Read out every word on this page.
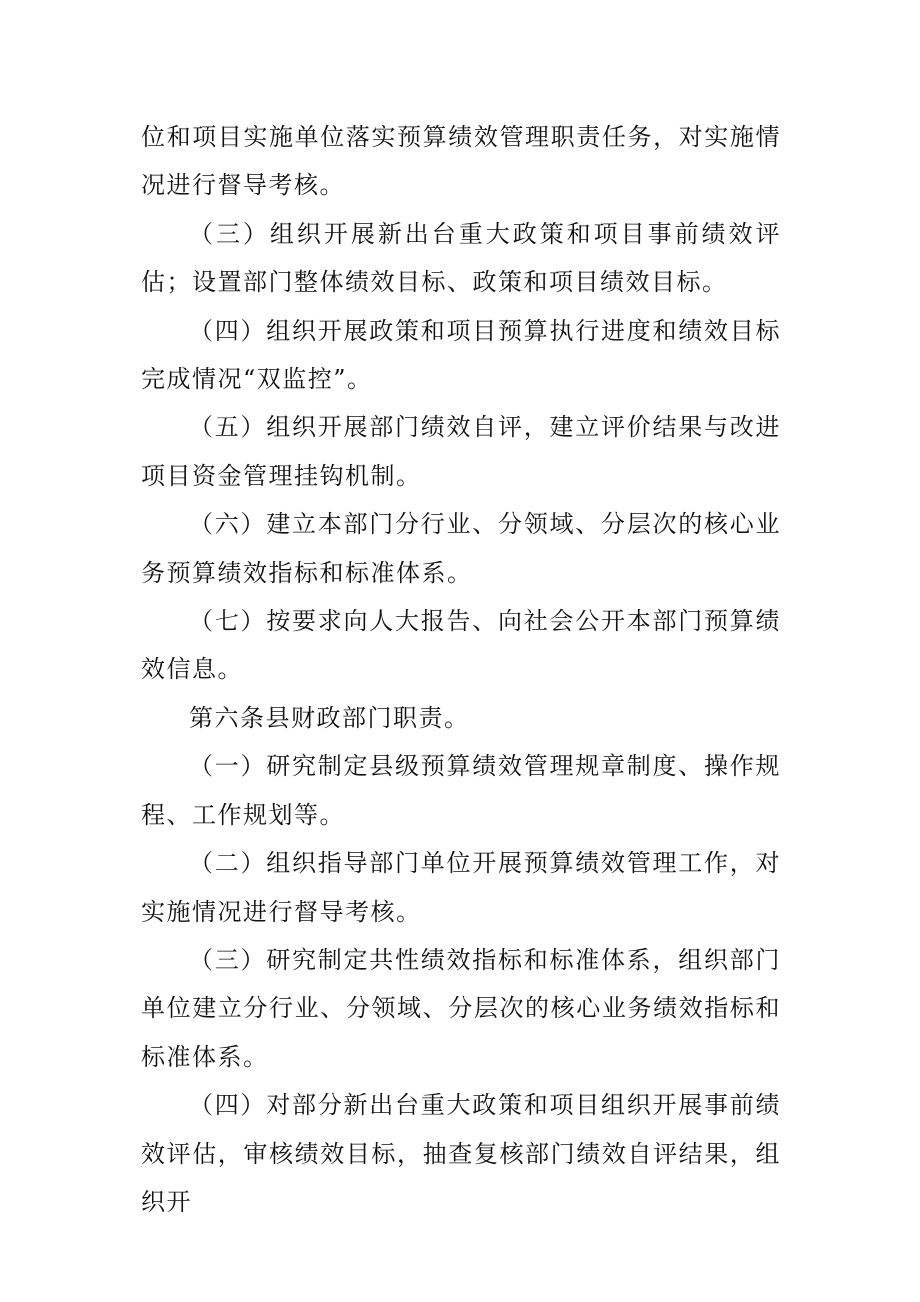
位和项目实施单位落实预算绩效管理职责任务，对实施情况进行督导考核。

（三）组织开展新出台重大政策和项目事前绩效评估；设置部门整体绩效目标、政策和项目绩效目标。

（四）组织开展政策和项目预算执行进度和绩效目标完成情况“双监控”。

（五）组织开展部门绩效自评，建立评价结果与改进项目资金管理挂钩机制。

（六）建立本部门分行业、分领域、分层次的核心业务预算绩效指标和标准体系。

（七）按要求向人大报告、向社会公开本部门预算绩效信息。

第六条县财政部门职责。

（一）研究制定县级预算绩效管理规章制度、操作规程、工作规划等。

（二）组织指导部门单位开展预算绩效管理工作，对实施情况进行督导考核。

（三）研究制定共性绩效指标和标准体系，组织部门单位建立分行业、分领域、分层次的核心业务绩效指标和标准体系。

（四）对部分新出台重大政策和项目组织开展事前绩效评估，审核绩效目标，抽查复核部门绩效自评结果，组织开
